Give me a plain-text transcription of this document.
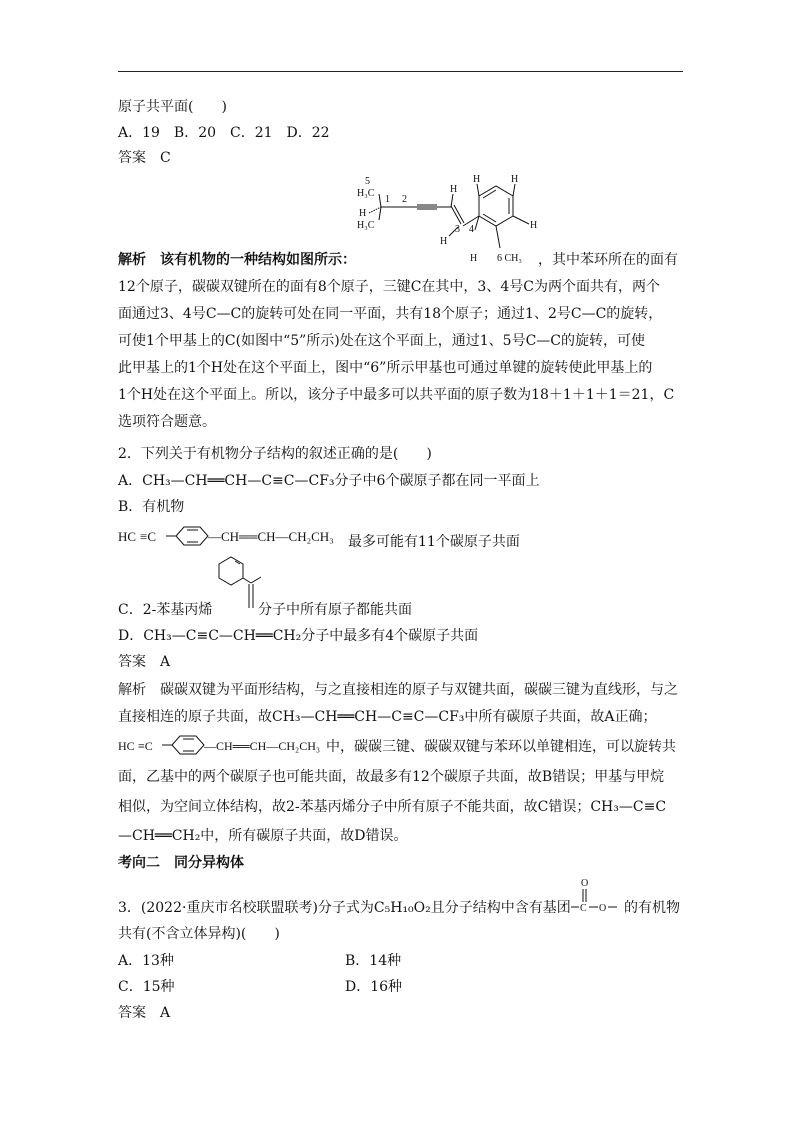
原子共平面(　　)
A．19　B．20　C．21　D．22
答案　C
5
H₃C
1 2
H
H₃C
H
3
H
4
H	H
H
H 6 CH₃
解析　该有机物的一种结构如图所示：	，其中苯环所在的面有
12个原子，碳碳双键所在的面有8个原子，三键C在其中，3、4号C为两个面共有，两个
面通过3、4号C—C的旋转可处在同一平面，共有18个原子；通过1、2号C—C的旋转，
可使1个甲基上的C(如图中“5”所示)处在这个平面上，通过1、5号C—C的旋转，可使
此甲基上的1个H处在这个平面上，图中“6”所示甲基也可通过单键的旋转使此甲基上的
1个H处在这个平面上。所以，该分子中最多可以共平面的原子数为18＋1＋1＋1＝21，C
选项符合题意。
2．下列关于有机物分子结构的叙述正确的是(　　)
A．CH₃—CH══CH—C≡C—CF₃分子中6个碳原子都在同一平面上
B．有机物
HC ≡C	—CH══CH—CH₂CH₃ 最多可能有11个碳原子共面
C．2-苯基丙烯	分子中所有原子都能共面
D．CH₃—C≡C—CH══CH₂分子中最多有4个碳原子共面
答案　A
解析　碳碳双键为平面形结构，与之直接相连的原子与双键共面，碳碳三键为直线形，与之
直接相连的原子共面，故CH₃—CH══CH—C≡C—CF₃中所有碳原子共面，故A正确；
HC ≡C	—CH══CH—CH₂CH₃ 中，碳碳三键、碳碳双键与苯环以单键相连，可以旋转共
面，乙基中的两个碳原子也可能共面，故最多有12个碳原子共面，故B错误；甲基与甲烷
相似，为空间立体结构，故2-苯基丙烯分子中所有原子不能共面，故C错误；CH₃—C≡C
—CH══CH₂中，所有碳原子共面，故D错误。
考向二　同分异构体
3．(2022·重庆市名校联盟联考)分子式为C₅H₁₀O₂且分子结构中含有基团
O
C O 的有机物
共有(不含立体异构)(　　)
A．13种	B．14种
C．15种	D．16种
答案　A
